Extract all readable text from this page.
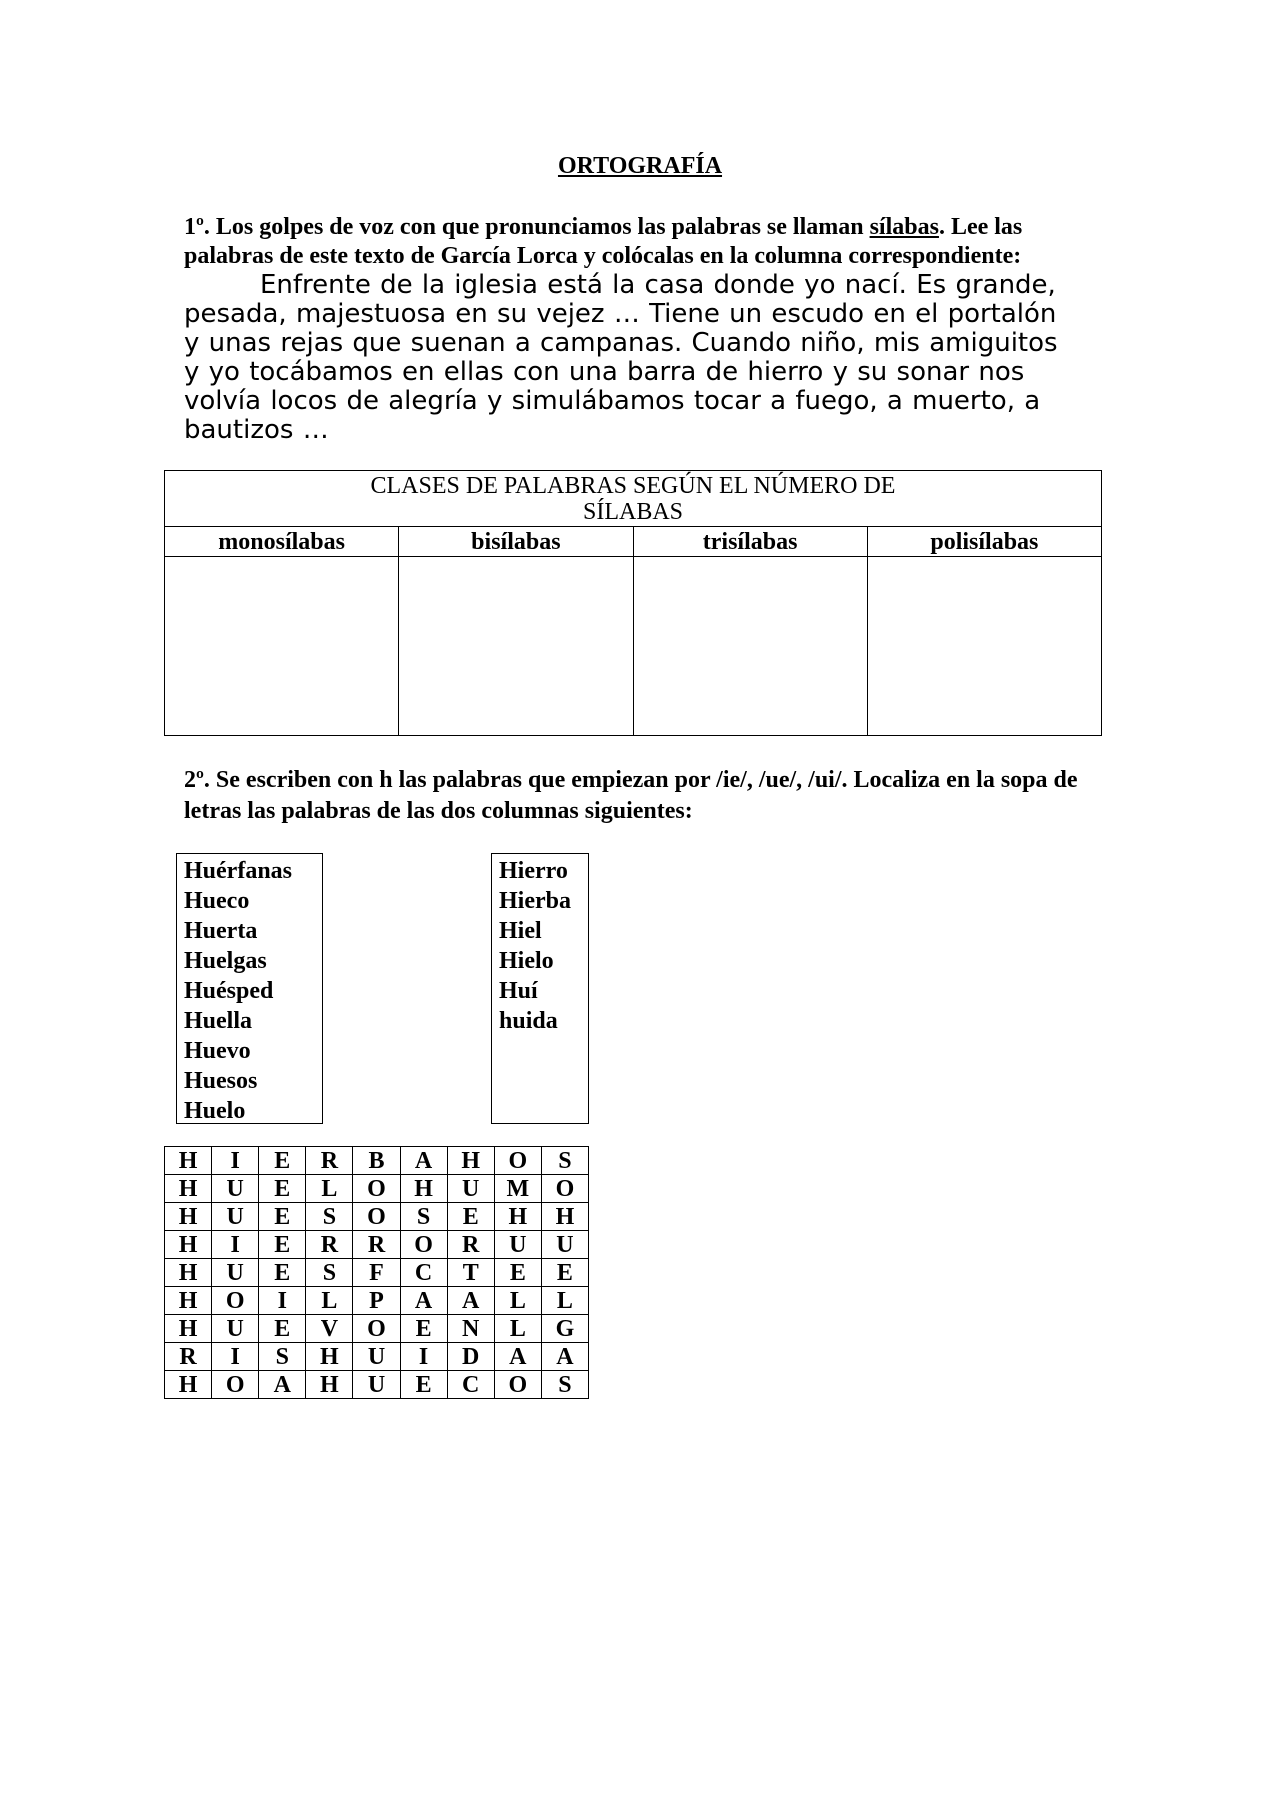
ORTOGRAFÍA
1º. Los golpes de voz con que pronunciamos las palabras se llaman sílabas. Lee las palabras de este texto de García Lorca y colócalas en la columna correspondiente:
Enfrente de la iglesia está la casa donde yo nací. Es grande,
pesada, majestuosa en su vejez … Tiene un escudo en el portalón
y unas rejas que suenan a campanas. Cuando niño, mis amiguitos
y yo tocábamos en ellas con una barra de hierro y su sonar nos
volvía locos de alegría y simulábamos tocar a fuego, a muerto, a
bautizos …
CLASES DE PALABRAS SEGÚN EL NÚMERO DE SÍLABAS			

monosílabas	bisílabas	trisílabas	polisílabas

2º. Se escriben con h las palabras que empiezan por /ie/, /ue/, /ui/. Localiza en la sopa de letras las palabras de las dos columnas siguientes:
Huérfanas
Hueco
Huerta
Huelgas
Huésped
Huella
Huevo
Huesos
Huelo
Hierro
Hierba
Hiel
Hielo
Huí
huida
H	I	E	R	B	A	H	O	S
H	U	E	L	O	H	U	M	O
H	U	E	S	O	S	E	H	H
H	I	E	R	R	O	R	U	U
H	U	E	S	F	C	T	E	E
H	O	I	L	P	A	A	L	L
H	U	E	V	O	E	N	L	G
R	I	S	H	U	I	D	A	A
H	O	A	H	U	E	C	O	S
